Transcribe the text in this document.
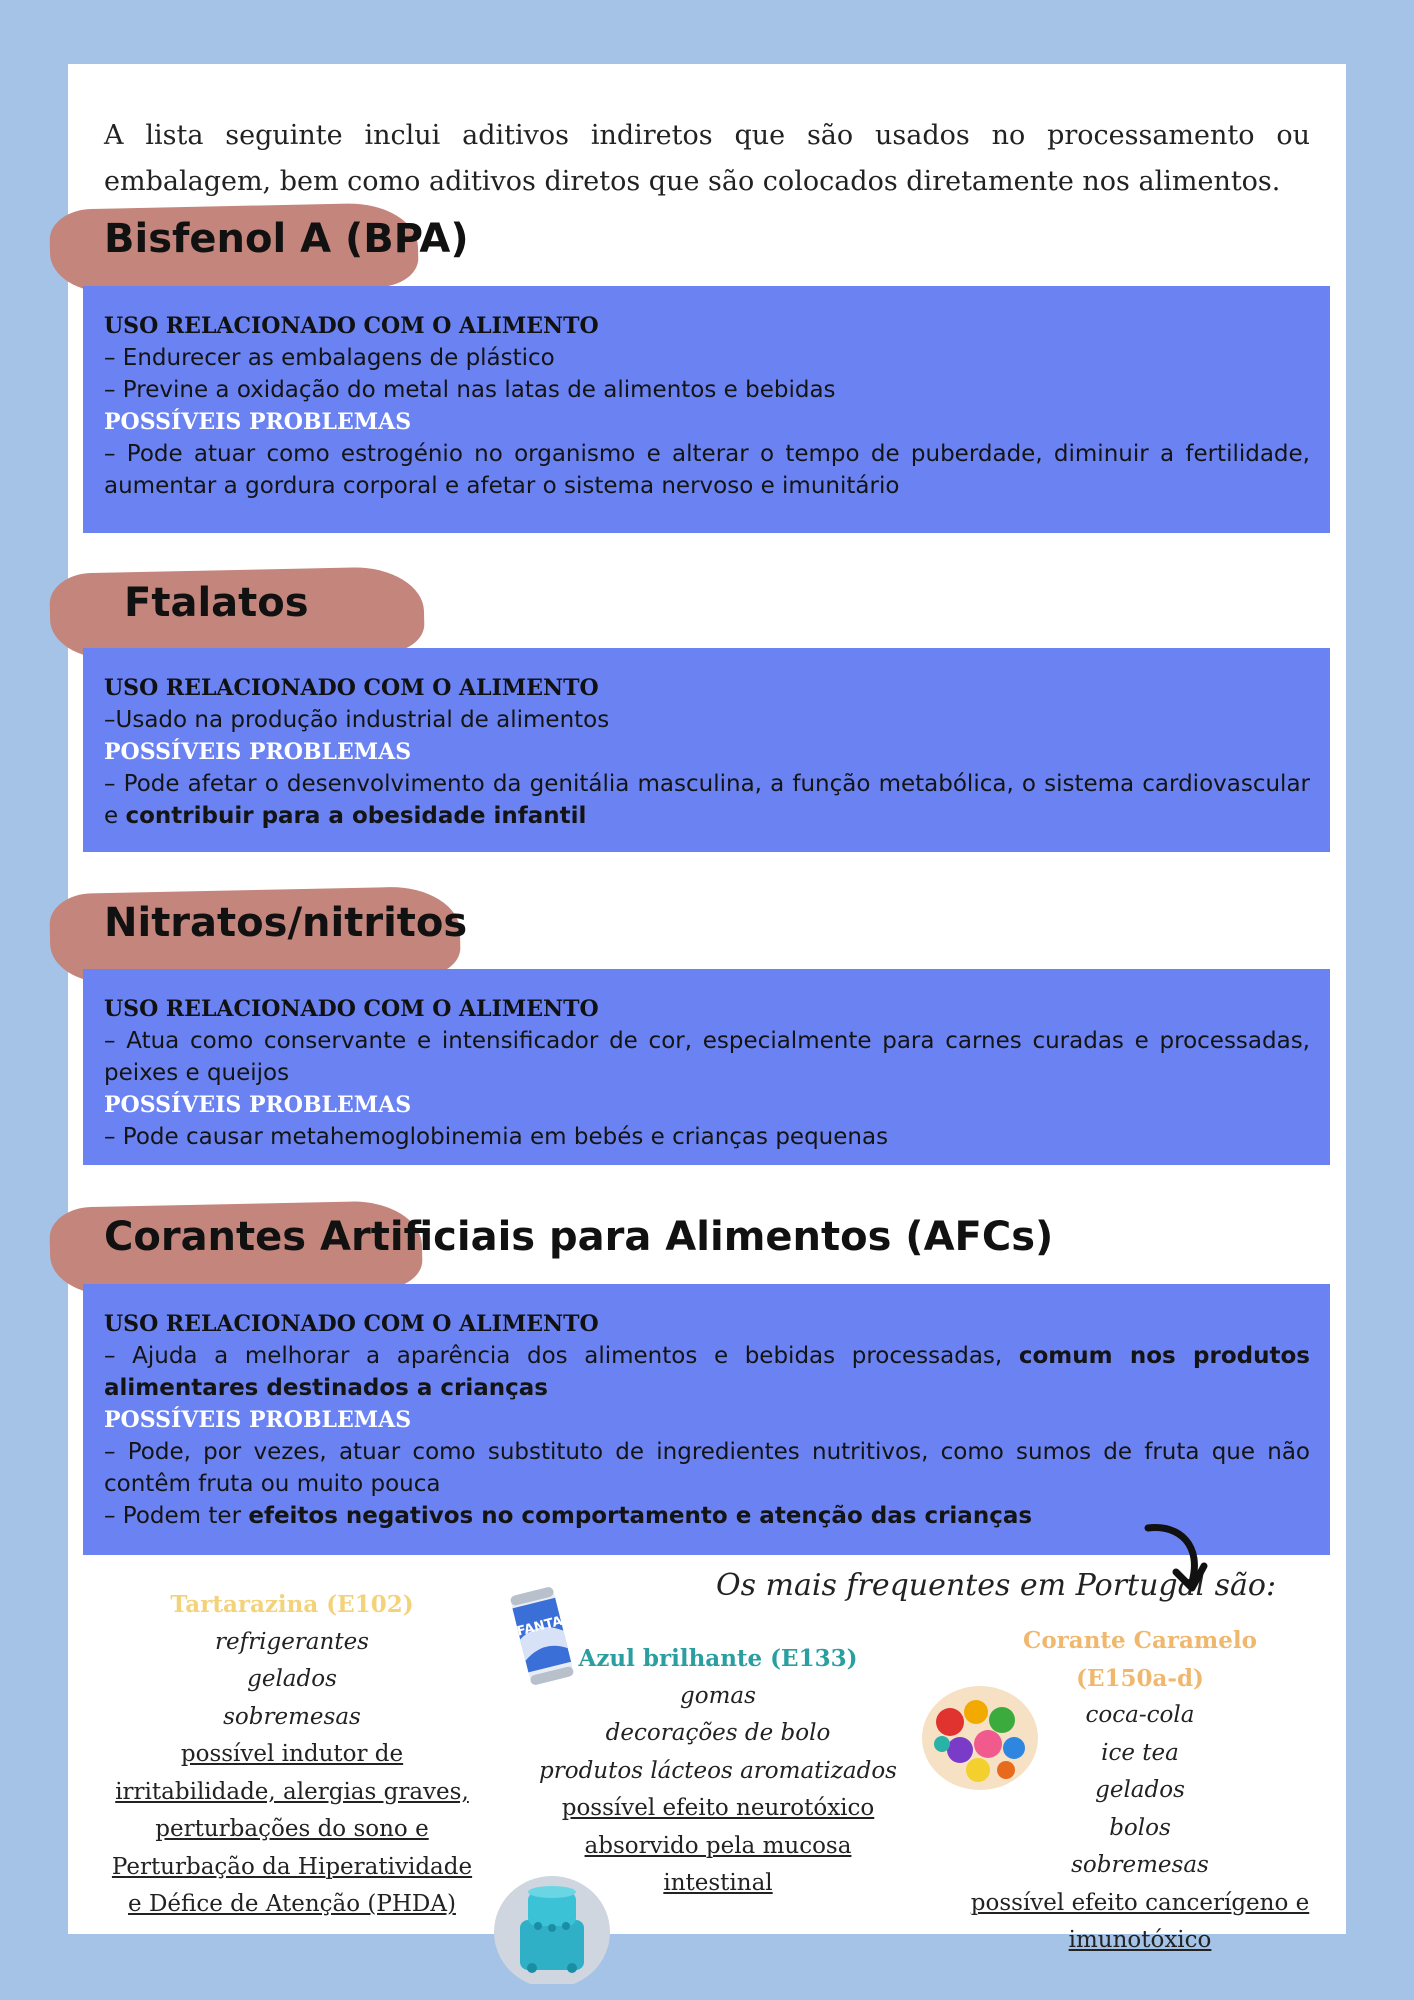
A lista seguinte inclui aditivos indiretos que são usados no processamento ou embalagem, bem como aditivos diretos que são colocados diretamente nos alimentos.

Bisfenol A (BPA)
USO RELACIONADO COM O ALIMENTO
– Endurecer as embalagens de plástico
– Previne a oxidação do metal nas latas de alimentos e bebidas
POSSÍVEIS PROBLEMAS
– Pode atuar como estrogénio no organismo e alterar o tempo de puberdade, diminuir a fertilidade, aumentar a gordura corporal e afetar o sistema nervoso e imunitário
Ftalatos
USO RELACIONADO COM O ALIMENTO
–Usado na produção industrial de alimentos
POSSÍVEIS PROBLEMAS
– Pode afetar o desenvolvimento da genitália masculina, a função metabólica, o sistema cardiovascular e contribuir para a obesidade infantil
Nitratos/nitritos
USO RELACIONADO COM O ALIMENTO
– Atua como conservante e intensificador de cor, especialmente para carnes curadas e processadas, peixes e queijos
POSSÍVEIS PROBLEMAS
– Pode causar metahemoglobinemia em bebés e crianças pequenas
Corantes Artificiais para Alimentos (AFCs)
USO RELACIONADO COM O ALIMENTO
– Ajuda a melhorar a aparência dos alimentos e bebidas processadas, comum nos produtos alimentares destinados a crianças
POSSÍVEIS PROBLEMAS
– Pode, por vezes, atuar como substituto de ingredientes nutritivos, como sumos de fruta que não contêm fruta ou muito pouca
– Podem ter efeitos negativos no comportamento e atenção das crianças
Os mais frequentes em Portugal são:
FANTA
Tartarazina (E102)
refrigerantes
gelados
sobremesas
possível indutor de irritabilidade, alergias graves, perturbações do sono e Perturbação da Hiperatividade e Défice de Atenção (PHDA)
Azul brilhante (E133)
gomas
decorações de bolo
produtos lácteos aromatizados
possível efeito neurotóxico absorvido pela mucosa intestinal
Corante Caramelo (E150a-d)
coca-cola
ice tea
gelados
bolos
sobremesas
possível efeito cancerígeno e imunotóxico
